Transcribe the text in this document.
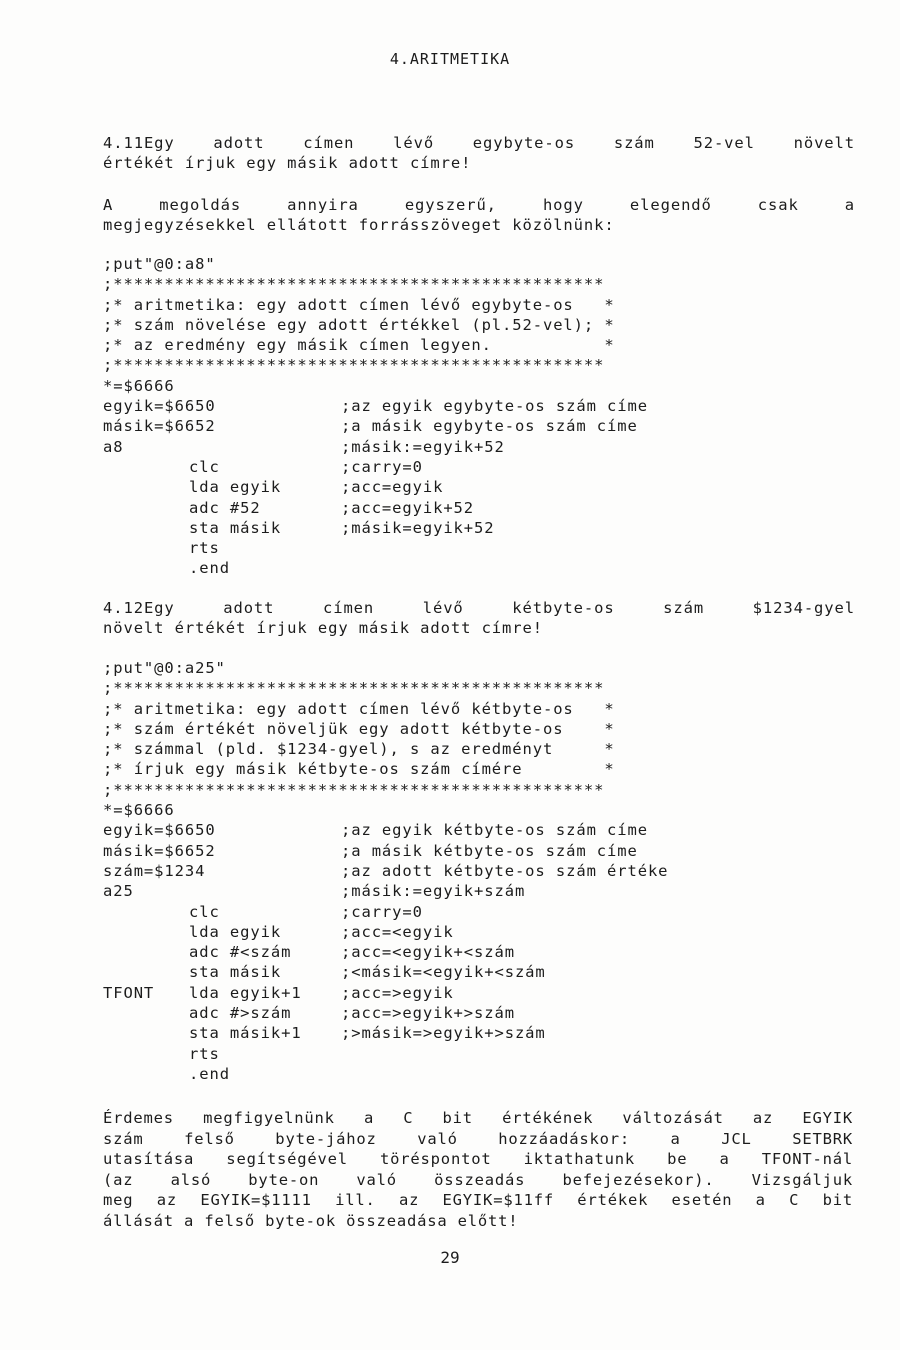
4.ARITMETIKA
4.11Egy adott címen lévő egybyte-os szám 52-vel növelt
értékét írjuk egy másik adott címre!
A megoldás annyira egyszerű, hogy elegendő csak a
megjegyzésekkel ellátott forrásszöveget közölnünk:
;put"@0:a8"
;************************************************
;* aritmetika: egy adott címen lévő egybyte-os   *
;* szám növelése egy adott értékkel (pl.52-vel); *
;* az eredmény egy másik címen legyen.           *
;************************************************
*=$6666
egyik=$6650	;az egyik egybyte-os szám címe
másik=$6652	;a másik egybyte-os szám címe
a8	;másik:=egyik+52
clc	;carry=0
lda egyik	;acc=egyik
adc #52	;acc=egyik+52
sta másik	;másik=egyik+52
rts
.end
4.12Egy adott címen lévő kétbyte-os szám $1234-gyel
növelt értékét írjuk egy másik adott címre!
;put"@0:a25"
;************************************************
;* aritmetika: egy adott címen lévő kétbyte-os   *
;* szám értékét növeljük egy adott kétbyte-os    *
;* számmal (pld. $1234-gyel), s az eredményt     *
;* írjuk egy másik kétbyte-os szám címére        *
;************************************************
*=$6666
egyik=$6650	;az egyik kétbyte-os szám címe
másik=$6652	;a másik kétbyte-os szám címe
szám=$1234	;az adott kétbyte-os szám értéke
a25	;másik:=egyik+szám
clc	;carry=0
lda egyik	;acc=<egyik
adc #<szám	;acc=<egyik+<szám
sta másik	;<másik=<egyik+<szám
TFONT lda egyik+1	;acc=>egyik
adc #>szám	;acc=>egyik+>szám
sta másik+1	;>másik=>egyik+>szám
rts
.end
Érdemes megfigyelnünk a C bit értékének változását az EGYIK
szám felső byte-jához való hozzáadáskor: a JCL SETBRK
utasítása segítségével töréspontot iktathatunk be a TFONT-nál
(az alsó byte-on való összeadás befejezésekor). Vizsgáljuk
meg az EGYIK=$1111 ill. az EGYIK=$11ff értékek esetén a C bit
állását a felső byte-ok összeadása előtt!
29
